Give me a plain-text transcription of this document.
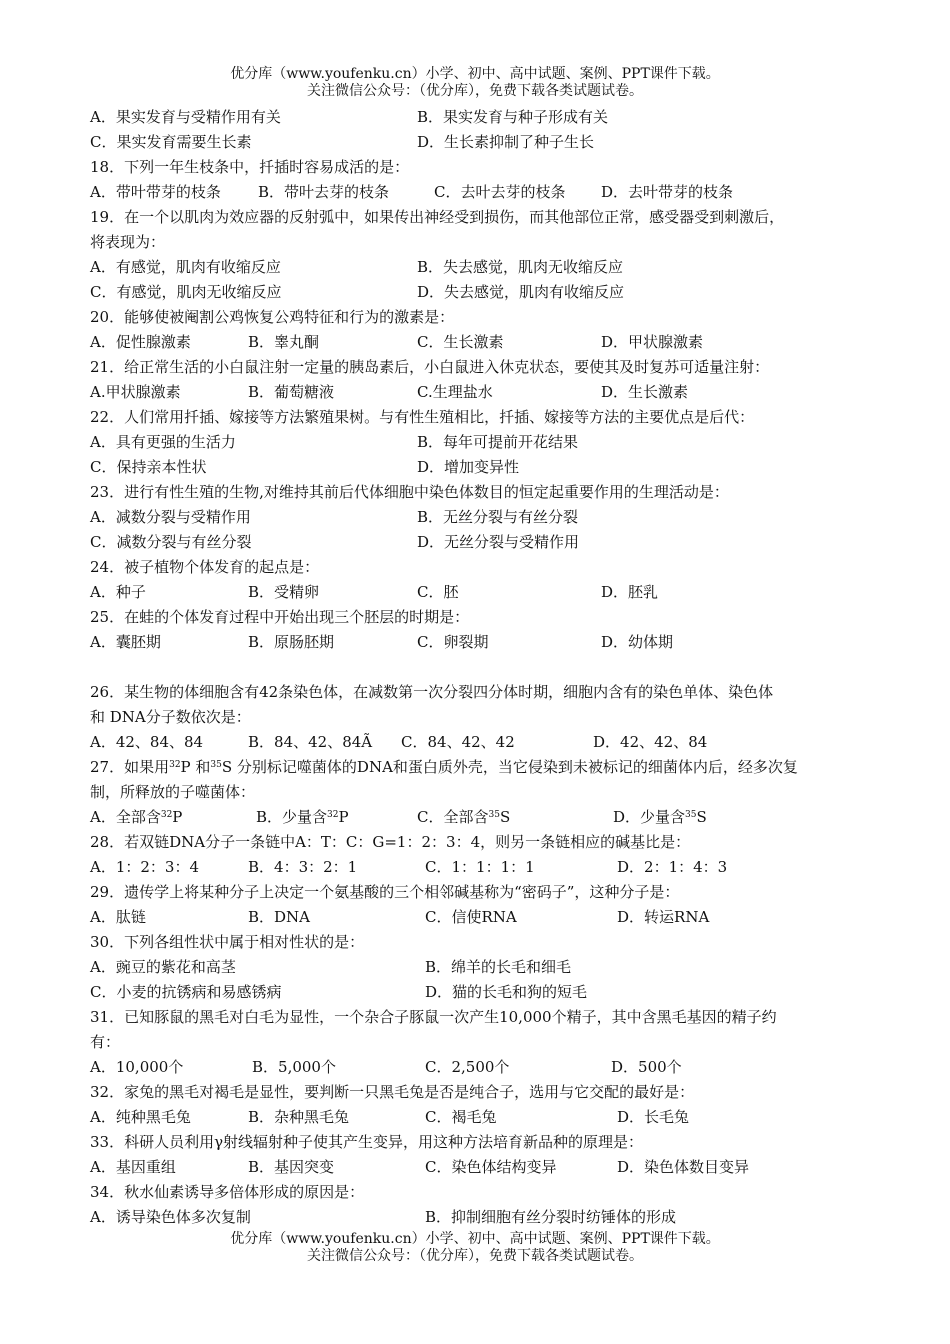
优分库（www.youfenku.cn）小学、初中、高中试题、案例、PPT课件下载。
关注微信公众号：（优分库），免费下载各类试题试卷。
A．果实发育与受精作用有关	B．果实发育与种子形成有关
C．果实发育需要生长素	D．生长素抑制了种子生长
18．下列一年生枝条中，扦插时容易成活的是：
A．带叶带芽的枝条 B．带叶去芽的枝条	C．去叶去芽的枝条 D．去叶带芽的枝条
19．在一个以肌肉为效应器的反射弧中，如果传出神经受到损伤，而其他部位正常，感受器受到刺激后，
将表现为：
A．有感觉，肌肉有收缩反应	B．失去感觉，肌肉无收缩反应
C．有感觉，肌肉无收缩反应	D．失去感觉，肌肉有收缩反应
20．能够使被阉割公鸡恢复公鸡特征和行为的激素是：
A．促性腺激素	B．睾丸酮	C．生长激素	D．甲状腺激素
21．给正常生活的小白鼠注射一定量的胰岛素后，小白鼠进入休克状态，要使其及时复苏可适量注射：
A.甲状腺激素	B．葡萄糖液	C.生理盐水	D．生长激素
22．人们常用扦插、嫁接等方法繁殖果树。与有性生殖相比，扦插、嫁接等方法的主要优点是后代：
A．具有更强的生活力	B．每年可提前开花结果
C．保持亲本性状	D．增加变异性
23．进行有性生殖的生物,对维持其前后代体细胞中染色体数目的恒定起重要作用的生理活动是：
A．减数分裂与受精作用	B．无丝分裂与有丝分裂
C．减数分裂与有丝分裂	D．无丝分裂与受精作用
24．被子植物个体发育的起点是：
A．种子	B．受精卵	C．胚	D．胚乳
25．在蛙的个体发育过程中开始出现三个胚层的时期是：
A．囊胚期	B．原肠胚期	C．卵裂期	D．幼体期
26．某生物的体细胞含有42条染色体，在减数第一次分裂四分体时期，细胞内含有的染色单体、染色体
和 DNA分子数依次是：
A．42、84、84	B．84、42、84Ã C．84、42、42	D．42、42、84
27．如果用$^{32}$P 和$^{35}$S 分别标记噬菌体的DNA和蛋白质外壳，当它侵染到未被标记的细菌体内后，经多次复
制，所释放的子噬菌体：
A．全部含$^{32}$P	B．少量含$^{32}$P	C．全部含$^{35}$S	D．少量含$^{35}$S
28．若双链DNA分子一条链中A：T：C：G=1：2：3：4，则另一条链相应的碱基比是：
A．1：2：3：4	B．4：3：2：1	C．1：1：1：1	D．2：1：4：3
29．遗传学上将某种分子上决定一个氨基酸的三个相邻碱基称为“密码子”，这种分子是：
A．肽链	B．DNA	C．信使RNA	D．转运RNA
30．下列各组性状中属于相对性状的是：
A．豌豆的紫花和高茎	B．绵羊的长毛和细毛
C．小麦的抗锈病和易感锈病	D．猫的长毛和狗的短毛
31．已知豚鼠的黑毛对白毛为显性，一个杂合子豚鼠一次产生10,000个精子，其中含黑毛基因的精子约
有：
A．10,000个	B．5,000个	C．2,500个	D．500个
32．家兔的黑毛对褐毛是显性，要判断一只黑毛兔是否是纯合子，选用与它交配的最好是：
A．纯种黑毛兔	B．杂种黑毛兔	C．褐毛兔	D．长毛兔
33．科研人员利用γ射线辐射种子使其产生变异，用这种方法培育新品种的原理是：
A．基因重组	B．基因突变	C．染色体结构变异	D．染色体数目变异
34．秋水仙素诱导多倍体形成的原因是：
A．诱导染色体多次复制	B．抑制细胞有丝分裂时纺锤体的形成
优分库（www.youfenku.cn）小学、初中、高中试题、案例、PPT课件下载。
关注微信公众号：（优分库），免费下载各类试题试卷。
